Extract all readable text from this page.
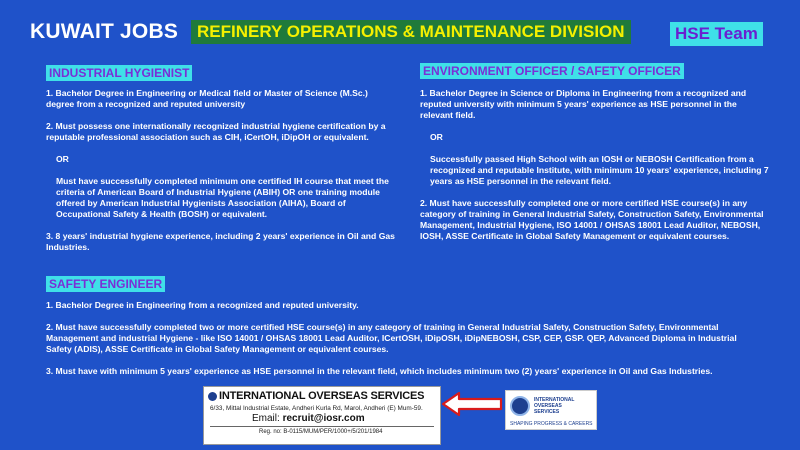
KUWAIT JOBS	REFINERY OPERATIONS & MAINTENANCE DIVISION	HSE Team
INDUSTRIAL HYGIENIST

1. Bachelor Degree in Engineering or Medical field or Master of Science (M.Sc.) degree from a recognized and reputed university

2. Must possess one internationally recognized industrial hygiene certification by a reputable professional association such as CIH, iCertOH, iDipOH or equivalent.

OR

Must have successfully completed minimum one certified IH course that meet the criteria of American Board of Industrial Hygiene (ABIH) OR one training module offered by American Industrial Hygienists Association (AIHA), Board of Occupational Safety & Health (BOSH) or equivalent.

3. 8 years' industrial hygiene experience, including 2 years' experience in Oil and Gas Industries.

ENVIRONMENT OFFICER / SAFETY OFFICER

1. Bachelor Degree in Science or Diploma in Engineering from a recognized and reputed university with minimum 5 years' experience as HSE personnel in the relevant field.

OR

Successfully passed High School with an IOSH or NEBOSH Certification from a recognized and reputable Institute, with minimum 10 years' experience, including 7 years as HSE personnel in the relevant field.

2. Must have successfully completed one or more certified HSE course(s) in any category of training in General Industrial Safety, Construction Safety, Environmental Management, Industrial Hygiene, ISO 14001 / OHSAS 18001 Lead Auditor, NEBOSH, IOSH, ASSE Certificate in Global Safety Management or equivalent courses.

SAFETY ENGINEER

1. Bachelor Degree in Engineering from a recognized and reputed university.

2. Must have successfully completed two or more certified HSE course(s) in any category of training in General Industrial Safety, Construction Safety, Environmental Management and industrial Hygiene - like ISO 14001 / OHSAS 18001 Lead Auditor, ICertOSH, iDipOSH, iDipNEBOSH, CSP, CEP, GSP. QEP, Advanced Diploma in Industrial Safety (ADIS), ASSE Certificate in Global Safety Management or equivalent courses.

3. Must have with minimum 5 years' experience as HSE personnel in the relevant field, which includes minimum two (2) years' experience in Oil and Gas Industries.

INTERNATIONAL OVERSEAS SERVICES
6/33, Mittal Industrial Estate, Andheri Kurla Rd, Marol, Andheri (E) Mum-59.
Email: recruit@iosr.com
Reg. no: B-0115/MUM/PER/1000+/5/201/1984
INTERNATIONAL
OVERSEAS
SERVICES
SHAPING PROGRESS & CAREERS
